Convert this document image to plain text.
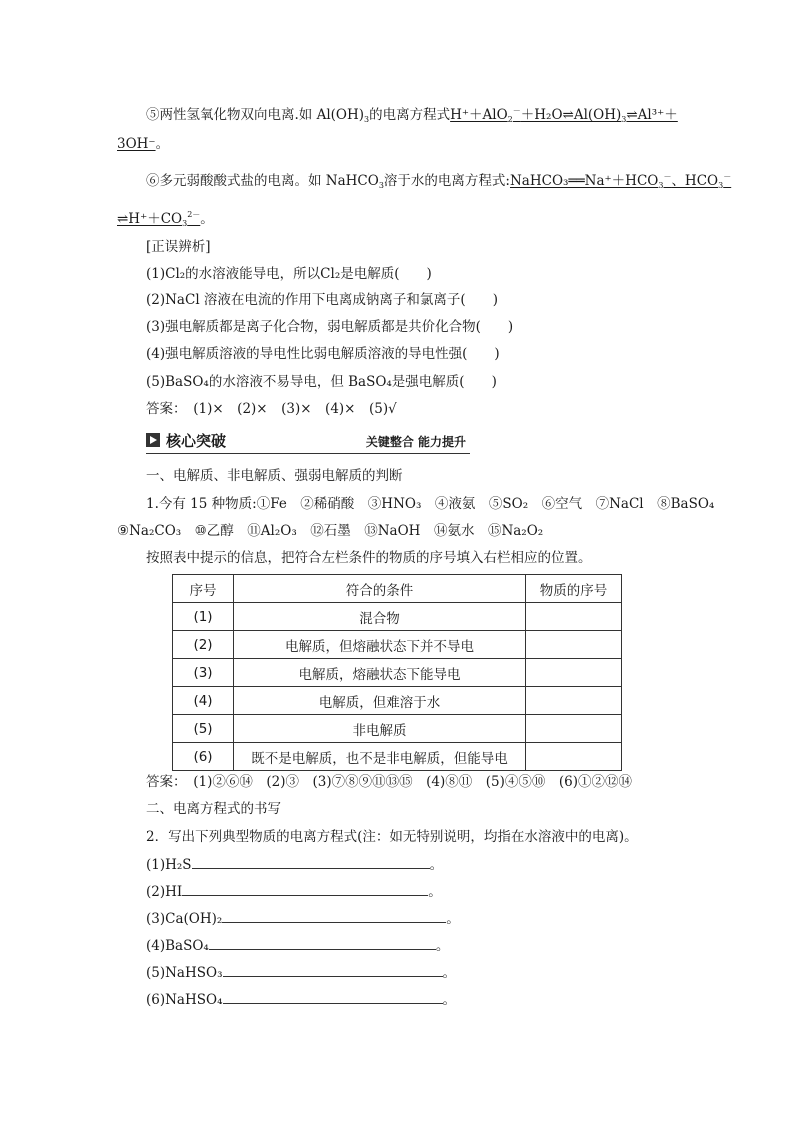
⑤两性氢氧化物双向电离.如 $Al(OH)_3$的电离方程式$H^++AlO_2^-+H_2O\rightleftharpoons Al(OH)_3\rightleftharpoons Al^{3+}+$
3OH⁻。
⑥多元弱酸酸式盐的电离。如 NaHCO$_3$溶于水的电离方程式$:NaHCO_3══Na^++HCO_3^-$、$HCO_3^-$
$\rightleftharpoons H^++CO_3^{2-}$。
[正误辨析]
(1)Cl₂的水溶液能导电，所以Cl₂是电解质(　　)
(2)NaCl 溶液在电流的作用下电离成钠离子和氯离子(　　)
(3)强电解质都是离子化合物，弱电解质都是共价化合物(　　)
(4)强电解质溶液的导电性比弱电解质溶液的导电性强(　　)
(5)BaSO₄的水溶液不易导电，但 BaSO₄是强电解质(　　)
答案：　(1)×　(2)×　(3)×　(4)×　(5)√
核心突破	关键整合 能力提升
一、电解质、非电解质、强弱电解质的判断
1.今有 15 种物质:①Fe　②稀硝酸　③HNO₃　④液氨　⑤SO₂　⑥空气　⑦NaCl　⑧BaSO₄
⑨Na₂CO₃　⑩乙醇　⑪Al₂O₃　⑫石墨　⑬NaOH　⑭氨水　⑮Na₂O₂
按照表中提示的信息，把符合左栏条件的物质的序号填入右栏相应的位置。
序号	符合的条件	物质的序号
(1)	混合物	
(2)	电解质，但熔融状态下并不导电	
(3)	电解质，熔融状态下能导电	
(4)	电解质，但难溶于水	
(5)	非电解质	
(6)	既不是电解质，也不是非电解质，但能导电	
答案：　(1)②⑥⑭　(2)③　(3)⑦⑧⑨⑪⑬⑮　(4)⑧⑪　(5)④⑤⑩　(6)①②⑫⑭
二、电离方程式的书写
2．写出下列典型物质的电离方程式(注：如无特别说明，均指在水溶液中的电离)。
(1)H₂S	。
(2)HI	。
(3)Ca(OH)₂	。
(4)BaSO₄	。
(5)NaHSO₃	。
(6)NaHSO₄	。
